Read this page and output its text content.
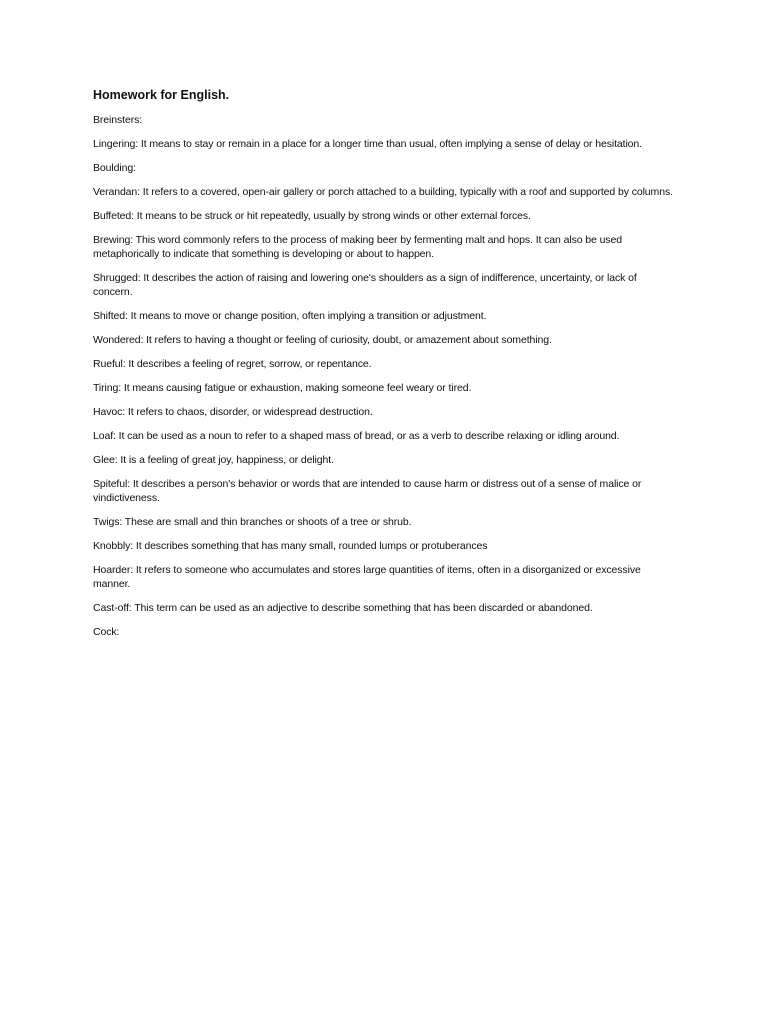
Homework for English.

Breinsters:

Lingering: It means to stay or remain in a place for a longer time than usual, often implying a sense of delay or hesitation.

Boulding:

Verandan: It refers to a covered, open-air gallery or porch attached to a building, typically with a roof and supported by columns.

Buffeted: It means to be struck or hit repeatedly, usually by strong winds or other external forces.

Brewing: This word commonly refers to the process of making beer by fermenting malt and hops. It can also be used metaphorically to indicate that something is developing or about to happen.

Shrugged: It describes the action of raising and lowering one's shoulders as a sign of indifference, uncertainty, or lack of concern.

Shifted: It means to move or change position, often implying a transition or adjustment.

Wondered: It refers to having a thought or feeling of curiosity, doubt, or amazement about something.

Rueful: It describes a feeling of regret, sorrow, or repentance.

Tiring: It means causing fatigue or exhaustion, making someone feel weary or tired.

Havoc: It refers to chaos, disorder, or widespread destruction.

Loaf: It can be used as a noun to refer to a shaped mass of bread, or as a verb to describe relaxing or idling around.

Glee: It is a feeling of great joy, happiness, or delight.

Spiteful: It describes a person's behavior or words that are intended to cause harm or distress out of a sense of malice or vindictiveness.

Twigs: These are small and thin branches or shoots of a tree or shrub.

Knobbly: It describes something that has many small, rounded lumps or protuberances

Hoarder: It refers to someone who accumulates and stores large quantities of items, often in a disorganized or excessive manner.

Cast-off: This term can be used as an adjective to describe something that has been discarded or abandoned.

Cock:
